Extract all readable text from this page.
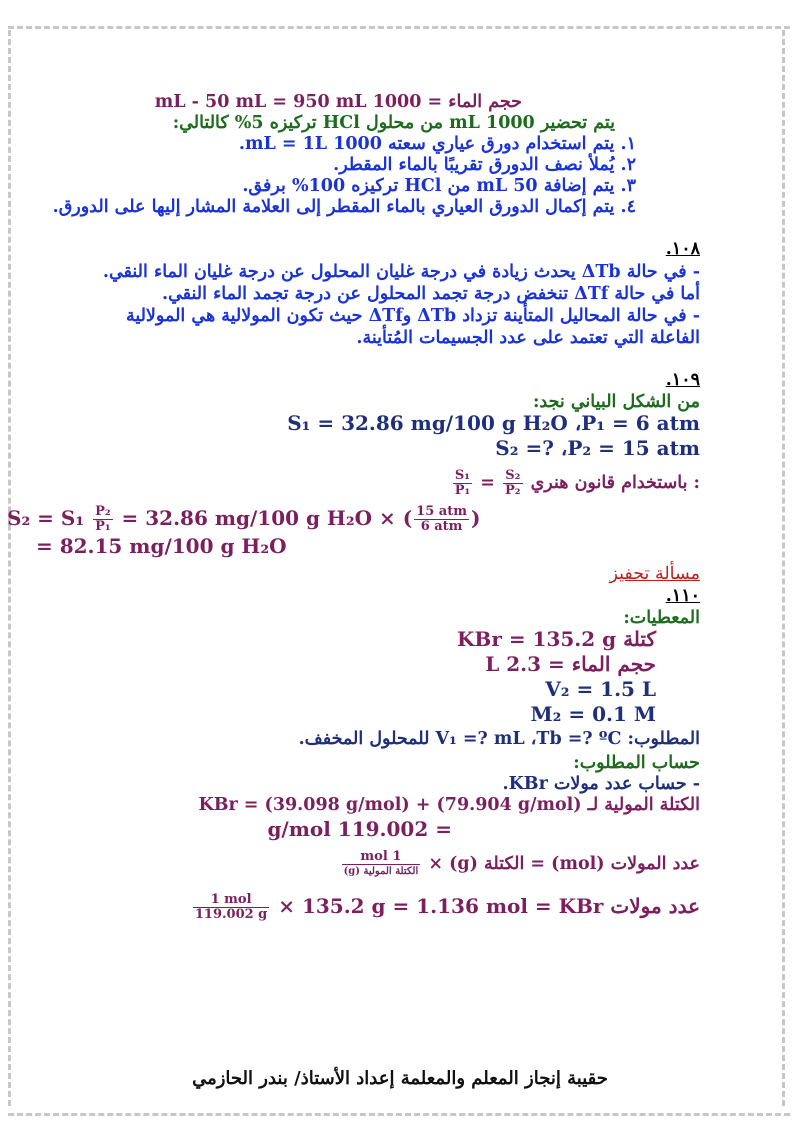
حجم الماء = 1000 mL - 50 mL = 950 mL
يتم تحضير 1000 mL من محلول HCl تركيزه 5% كالتالي:
١. يتم استخدام دورق عياري سعته 1000 mL = 1L.
٢. يُملأ نصف الدورق تقريبًا بالماء المقطر.
٣. يتم إضافة 50 mL من HCl تركيزه 100% برفق.
٤. يتم إكمال الدورق العياري بالماء المقطر إلى العلامة المشار إليها على الدورق.
١٠٨.
- في حالة ΔTb يحدث زيادة في درجة غليان المحلول عن درجة غليان الماء النقي. أما في حالة ΔTf تنخفض درجة تجمد المحلول عن درجة تجمد الماء النقي.
- في حالة المحاليل المتأينة تزداد ΔTb وΔTf حيث تكون المولالية هي المولالية الفاعلة التي تعتمد على عدد الجسيمات المُتأينة.
١٠٩.
من الشكل البياني نجد:
S₁ = 32.86 mg/100 g H₂O ،P₁ = 6 atm
S₂ =? ،P₂ = 15 atm
: باستخدام قانون هنري
$\frac{\text{S₁}}{\text{P₁}} = \frac{\text{S₂}}{\text{P₂}}$
$S_2 = S_1 \frac{\text{P₂}}{\text{P₁}} = 32.86$ mg/100 g H₂O × ( $\frac{\text{15 atm}}{\text{6 atm}}$ )
= 82.15 mg/100 g H₂O
مسألة تحفيز
١١٠.
المعطيات:
كتلة KBr = 135.2 g
حجم الماء = 2.3 L
V₂ = 1.5 L
M₂ = 0.1 M
المطلوب: V₁ =? mL ،Tb =? ºC للمحلول المخفف.
حساب المطلوب:
- حساب عدد مولات KBr.
الكتلة المولية لـ KBr = (39.098 g/mol) + (79.904 g/mol)
= 119.002 g/mol
عدد المولات (mol) = الكتلة (g) ×
$\frac{\text{1 mol}}{\text{الكتلة المولية (g)}}$
عدد مولات KBr =
$\frac{\text{1 mol}}{119.002 g} \times 135.2$ g = 1.136 mol
حقيبة إنجاز المعلم والمعلمة إعداد الأستاذ/ بندر الحازمي
